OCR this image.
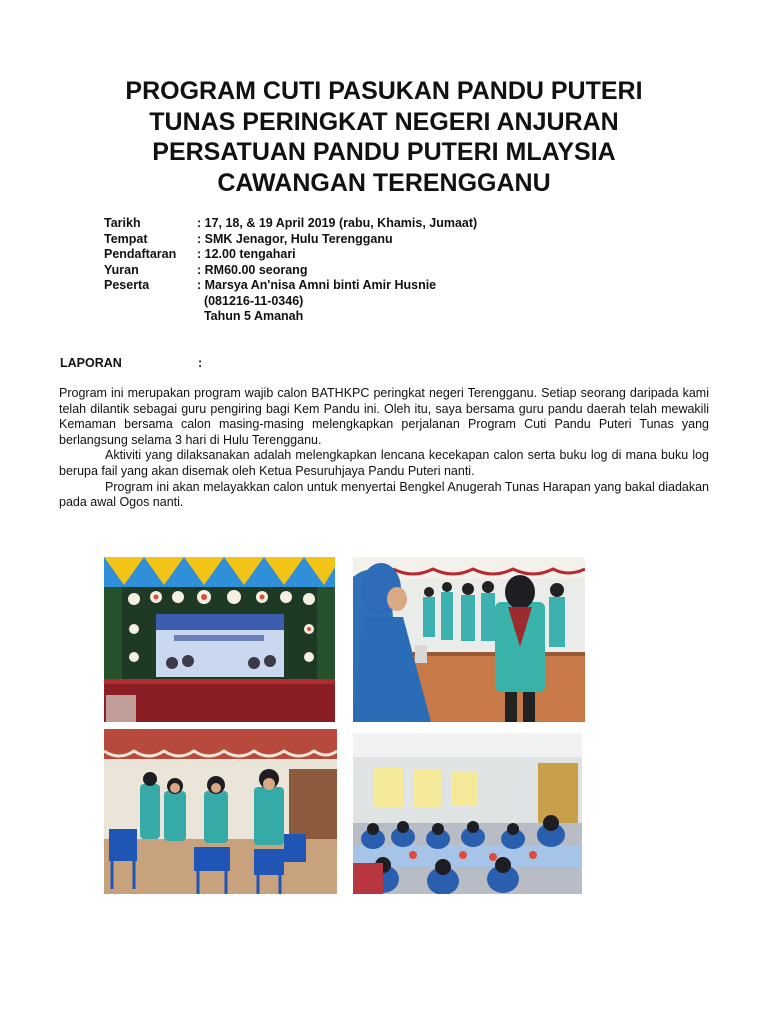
PROGRAM CUTI PASUKAN PANDU PUTERI
TUNAS PERINGKAT NEGERI ANJURAN
PERSATUAN PANDU PUTERI MLAYSIA
CAWANGAN TERENGGANU
Tarikh	: 17, 18, & 19 April 2019 (rabu, Khamis, Jumaat)
Tempat	: SMK Jenagor, Hulu Terengganu
Pendaftaran	: 12.00 tengahari
Yuran	: RM60.00 seorang
Peserta	: Marsya An'nisa Amni binti Amir Husnie
(081216-11-0346)
Tahun 5 Amanah
LAPORAN	:

Program ini merupakan program wajib calon BATHKPC peringkat negeri Terengganu. Setiap seorang daripada kami telah dilantik sebagai guru pengiring bagi Kem Pandu ini. Oleh itu, saya bersama guru pandu daerah telah mewakili Kemaman bersama calon masing-masing melengkapkan perjalanan Program Cuti Pandu Puteri Tunas yang berlangsung selama 3 hari di Hulu Terengganu.

Aktiviti yang dilaksanakan adalah melengkapkan lencana kecekapan calon serta buku log di mana buku log berupa fail yang akan disemak oleh Ketua Pesuruhjaya Pandu Puteri nanti.

Program ini akan melayakkan calon untuk menyertai Bengkel Anugerah Tunas Harapan yang bakal diadakan pada awal Ogos nanti.
